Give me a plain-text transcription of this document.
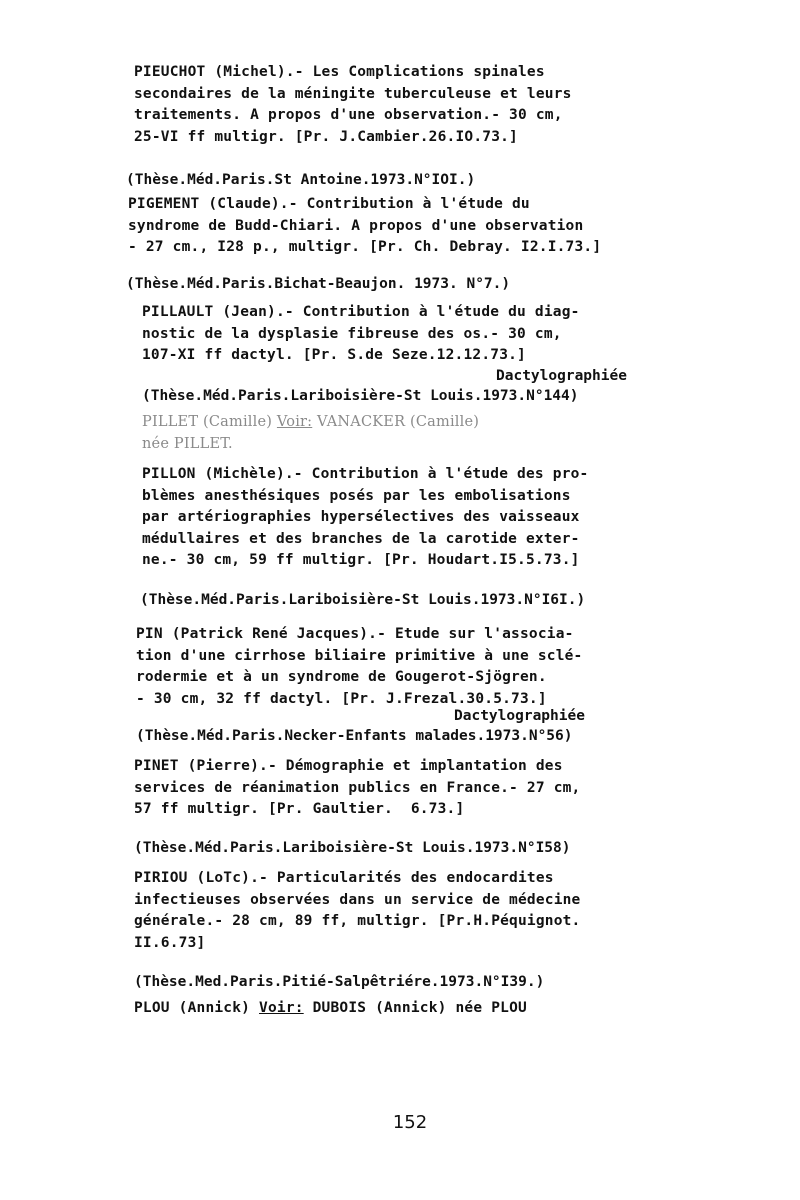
PIEUCHOT (Michel).- Les Complications spinales
secondaires de la méningite tuberculeuse et leurs
traitements. A propos d'une observation.- 30 cm,
25-VI ff multigr. [Pr. J.Cambier.26.IO.73.]
(Thèse.Méd.Paris.St Antoine.1973.N°IOI.)
PIGEMENT (Claude).- Contribution à l'étude du
syndrome de Budd-Chiari. A propos d'une observation
- 27 cm., I28 p., multigr. [Pr. Ch. Debray. I2.I.73.]
(Thèse.Méd.Paris.Bichat-Beaujon. 1973. N°7.)
PILLAULT (Jean).- Contribution à l'étude du diag-
nostic de la dysplasie fibreuse des os.- 30 cm,
107-XI ff dactyl. [Pr. S.de Seze.12.12.73.]
Dactylographiée
(Thèse.Méd.Paris.Lariboisière-St Louis.1973.N°144)
PILLET (Camille) Voir: VANACKER (Camille)
née PILLET.
PILLON (Michèle).- Contribution à l'étude des pro-
blèmes anesthésiques posés par les embolisations
par artériographies hypersélectives des vaisseaux
médullaires et des branches de la carotide exter-
ne.- 30 cm, 59 ff multigr. [Pr. Houdart.I5.5.73.]
(Thèse.Méd.Paris.Lariboisière-St Louis.1973.N°I6I.)
PIN (Patrick René Jacques).- Etude sur l'associa-
tion d'une cirrhose biliaire primitive à une sclé-
rodermie et à un syndrome de Gougerot-Sjögren.
- 30 cm, 32 ff dactyl. [Pr. J.Frezal.30.5.73.]
Dactylographiée
(Thèse.Méd.Paris.Necker-Enfants malades.1973.N°56)
PINET (Pierre).- Démographie et implantation des
services de réanimation publics en France.- 27 cm,
57 ff multigr. [Pr. Gaultier.  6.73.]
(Thèse.Méd.Paris.Lariboisière-St Louis.1973.N°I58)
PIRIOU (LoTc).- Particularités des endocardites
infectieuses observées dans un service de médecine
générale.- 28 cm, 89 ff, multigr. [Pr.H.Péquignot.
II.6.73]
(Thèse.Med.Paris.Pitié-Salpêtriére.1973.N°I39.)
PLOU (Annick) Voir: DUBOIS (Annick) née PLOU
152
